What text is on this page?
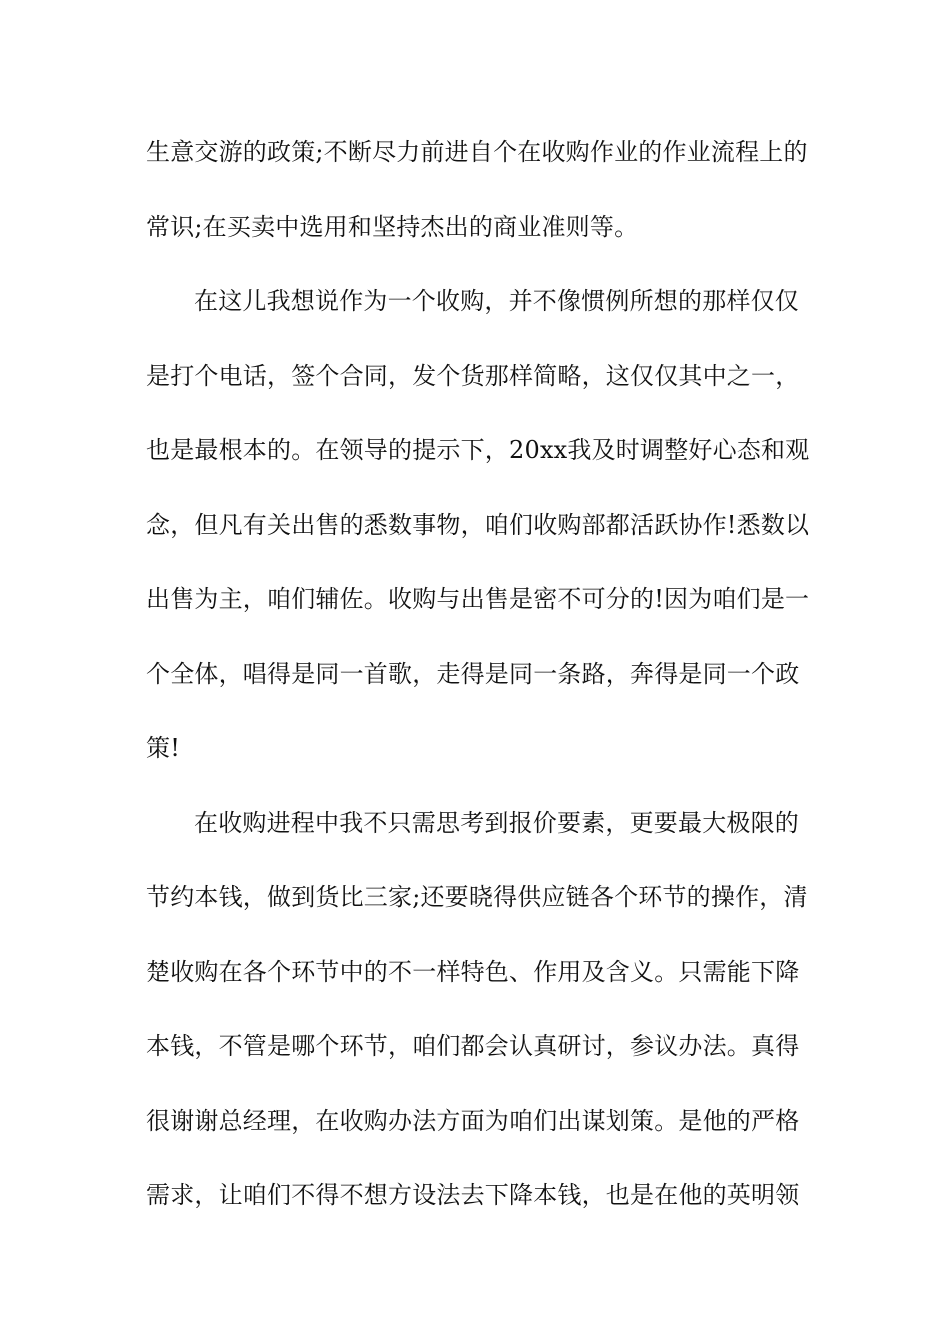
生意交游的政策;不断尽力前进自个在收购作业的作业流程上的
常识;在买卖中选用和坚持杰出的商业准则等。
在这儿我想说作为一个收购，并不像惯例所想的那样仅仅
是打个电话，签个合同，发个货那样简略，这仅仅其中之一，
也是最根本的。在领导的提示下，20xx我及时调整好心态和观
念，但凡有关出售的悉数事物，咱们收购部都活跃协作!悉数以
出售为主，咱们辅佐。收购与出售是密不可分的!因为咱们是一
个全体，唱得是同一首歌，走得是同一条路，奔得是同一个政
策!
在收购进程中我不只需思考到报价要素，更要最大极限的
节约本钱，做到货比三家;还要晓得供应链各个环节的操作，清
楚收购在各个环节中的不一样特色、作用及含义。只需能下降
本钱，不管是哪个环节，咱们都会认真研讨，参议办法。真得
很谢谢总经理，在收购办法方面为咱们出谋划策。是他的严格
需求，让咱们不得不想方设法去下降本钱，也是在他的英明领
